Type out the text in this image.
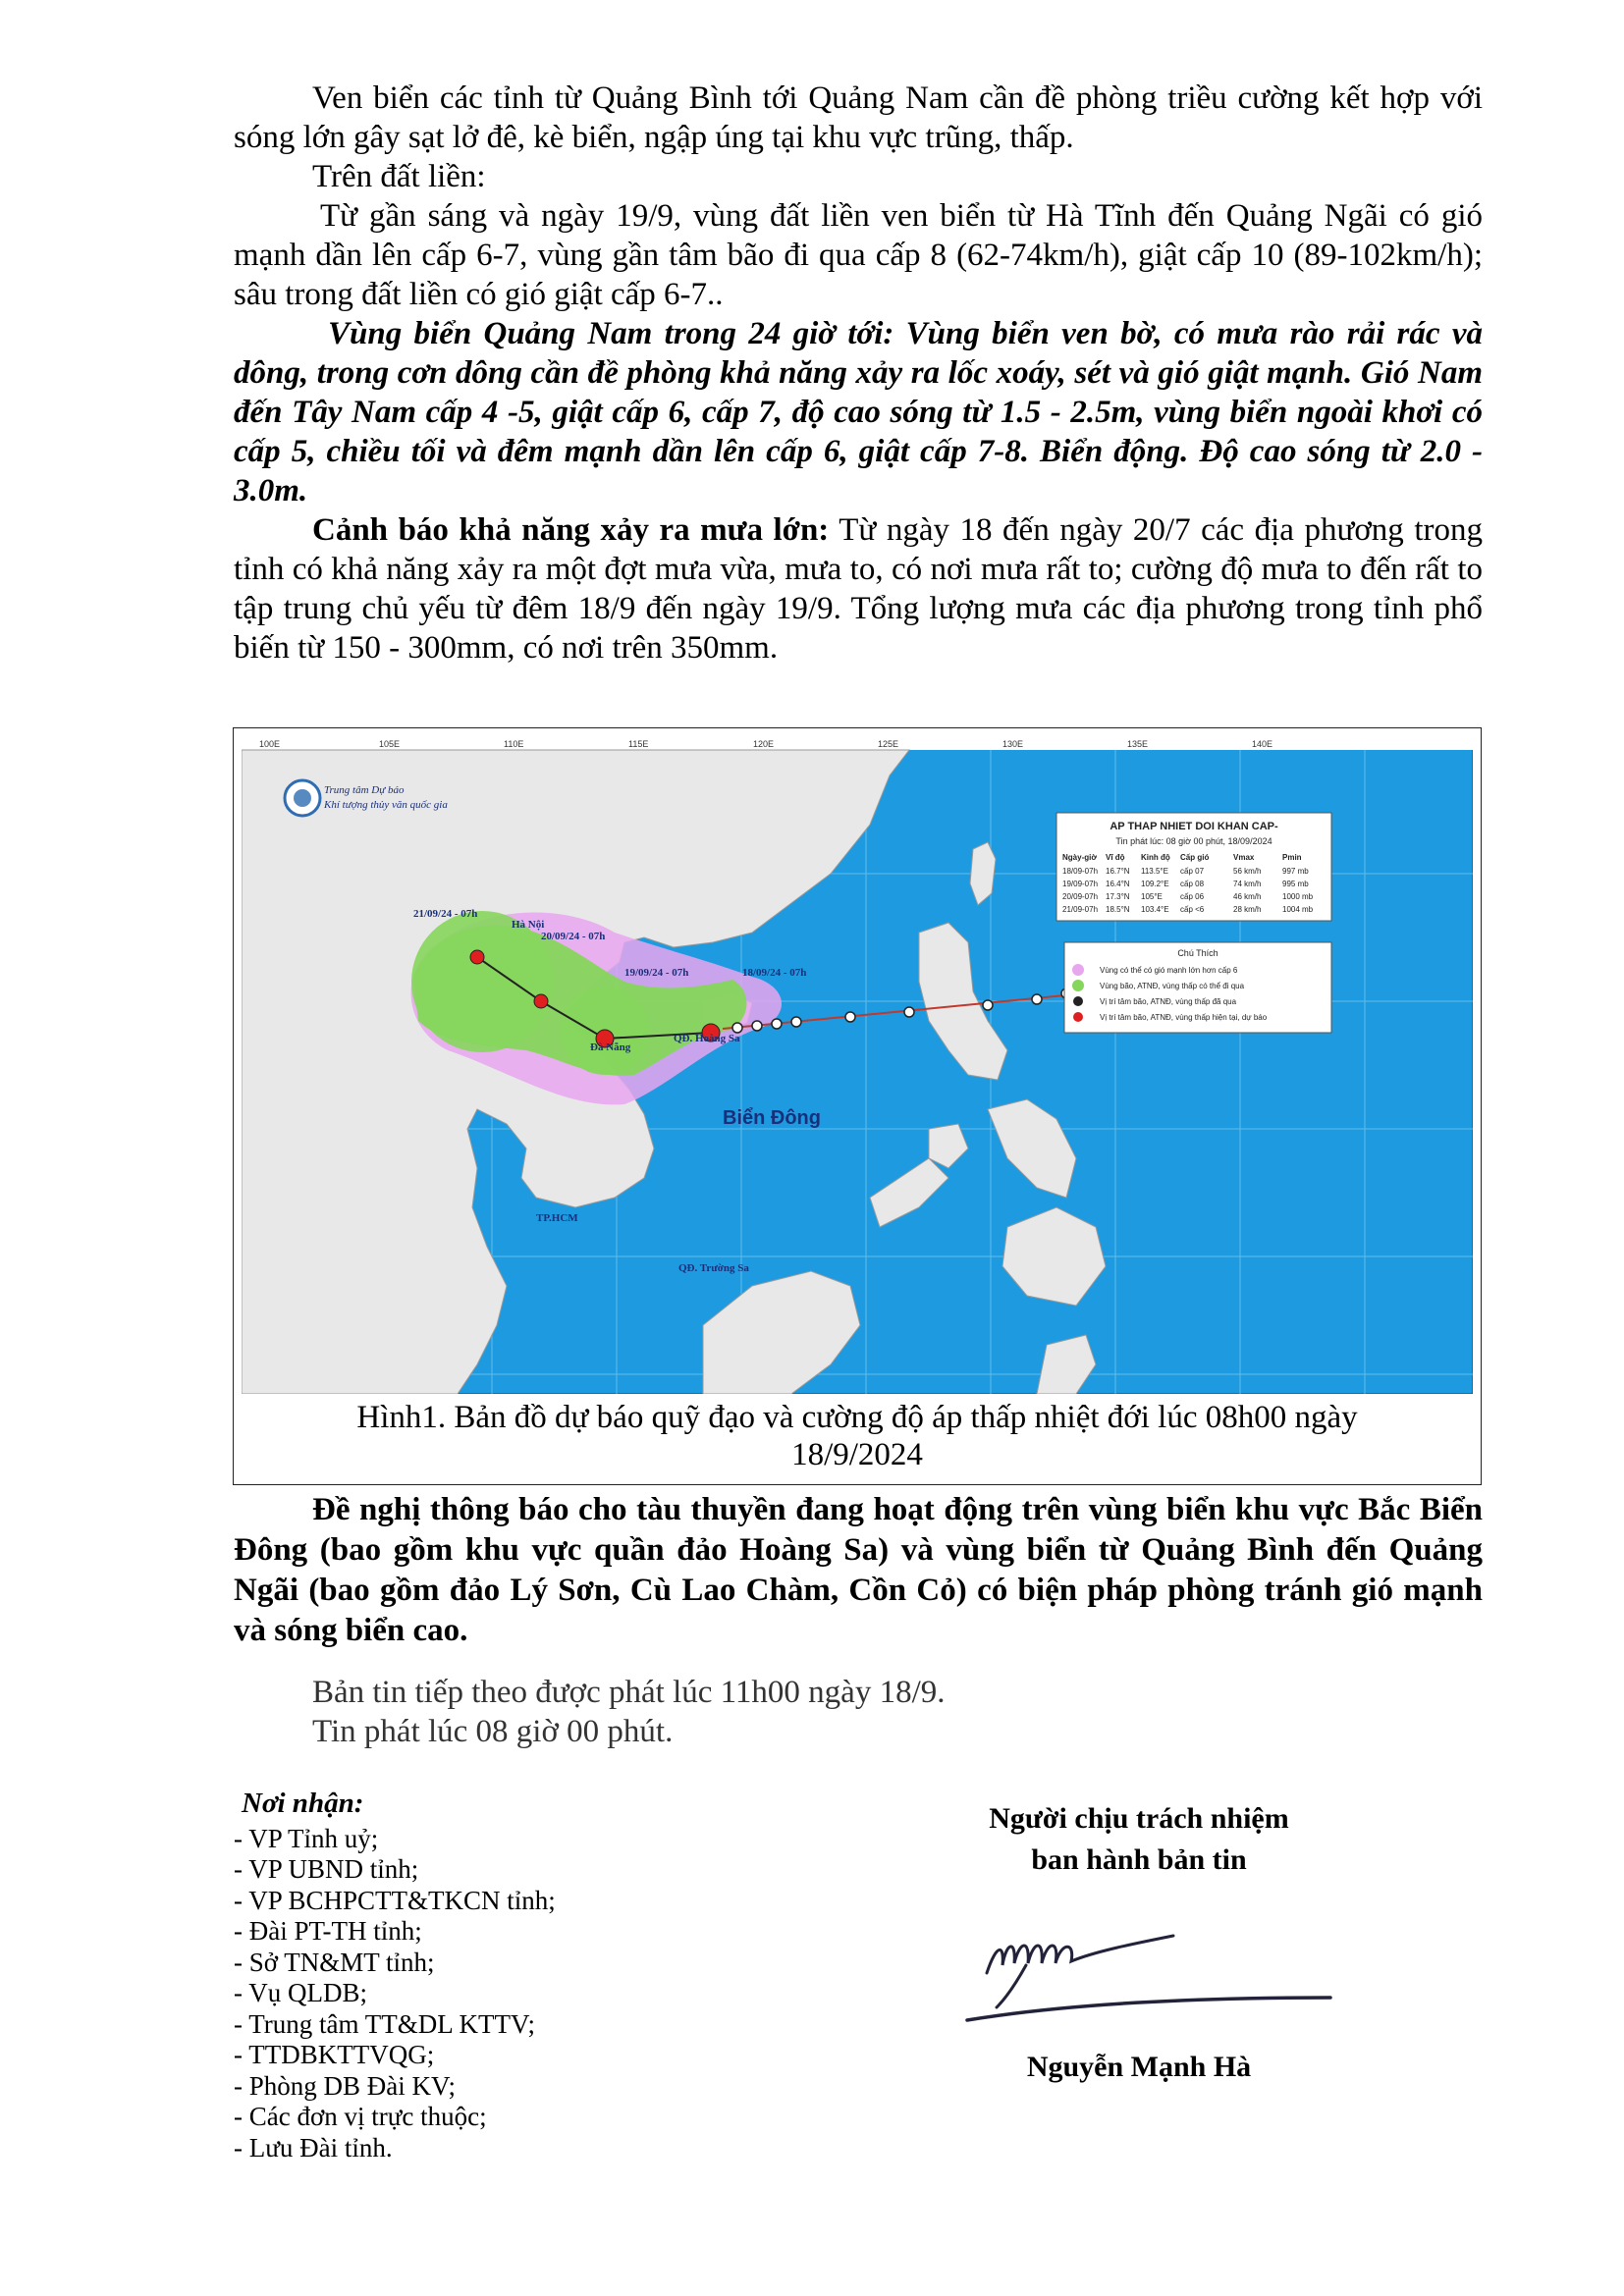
Ven biển các tỉnh từ Quảng Bình tới Quảng Nam cần đề phòng triều cường kết hợp với sóng lớn gây sạt lở đê, kè biển, ngập úng tại khu vực trũng, thấp.

Trên đất liền:

Từ gần sáng và ngày 19/9, vùng đất liền ven biển từ Hà Tĩnh đến Quảng Ngãi có gió mạnh dần lên cấp 6-7, vùng gần tâm bão đi qua cấp 8 (62-74km/h), giật cấp 10 (89-102km/h); sâu trong đất liền có gió giật cấp 6-7..

Vùng biển Quảng Nam trong 24 giờ tới: Vùng biển ven bờ, có mưa rào rải rác và dông, trong cơn dông cần đề phòng khả năng xảy ra lốc xoáy, sét và gió giật mạnh. Gió Nam đến Tây Nam cấp 4 -5, giật cấp 6, cấp 7, độ cao sóng từ 1.5 - 2.5m, vùng biển ngoài khơi có cấp 5, chiều tối và đêm mạnh dần lên cấp 6, giật cấp 7-8. Biển động. Độ cao sóng từ 2.0 - 3.0m.

Cảnh báo khả năng xảy ra mưa lớn: Từ ngày 18 đến ngày 20/7 các địa phương trong tỉnh có khả năng xảy ra một đợt mưa vừa, mưa to, có nơi mưa rất to; cường độ mưa to đến rất to tập trung chủ yếu từ đêm 18/9 đến ngày 19/9. Tổng lượng mưa các địa phương trong tỉnh phổ biến từ 150 - 300mm, có nơi trên 350mm.

100E	105E	110E	115E	120E	125E	130E	135E	140E
21/09/24 - 07h
20/09/24 - 07h
19/09/24 - 07h	18/09/24 - 07h
Hà Nội
Đà Nẵng
QĐ. Hoàng Sa
QĐ. Trường Sa
TP.HCM
Biển Đông
Trung tâm Dự báo
Khí tượng thủy văn quốc gia
AP THAP NHIET DOI KHAN CAP-
Tin phát lúc: 08 giờ 00 phút, 18/09/2024
Ngày-giờ Vĩ độ Kinh độ Cấp gió	Vmax	Pmin
18/09-07h 16.7°N 113.5°E cấp 07	56 km/h	997 mb
19/09-07h 16.4°N 109.2°E cấp 08	74 km/h	995 mb
20/09-07h 17.3°N 105°E cấp 06	46 km/h	1000 mb
21/09-07h 18.5°N 103.4°E cấp <6	28 km/h	1004 mb
Chú Thích
Vùng có thể có gió mạnh lớn hơn cấp 6
Vùng bão, ATNĐ, vùng thấp có thể đi qua
Vị trí tâm bão, ATNĐ, vùng thấp đã qua
Vị trí tâm bão, ATNĐ, vùng thấp hiện tại, dự báo
Hình1. Bản đồ dự báo quỹ đạo và cường độ áp thấp nhiệt đới lúc 08h00 ngày
18/9/2024

Đề nghị thông báo cho tàu thuyền đang hoạt động trên vùng biển khu vực Bắc Biển Đông (bao gồm khu vực quần đảo Hoàng Sa) và vùng biển từ Quảng Bình đến Quảng Ngãi (bao gồm đảo Lý Sơn, Cù Lao Chàm, Cồn Cỏ) có biện pháp phòng tránh gió mạnh và sóng biển cao.

Bản tin tiếp theo được phát lúc 11h00 ngày 18/9.

Tin phát lúc 08 giờ 00 phút.

Nơi nhận:
- VP Tỉnh uỷ;
- VP UBND tỉnh;
- VP BCHPCTT&TKCN tỉnh;
- Đài PT-TH tỉnh;
- Sở TN&MT tỉnh;
- Vụ QLDB;
- Trung tâm TT&DL KTTV;
- TTDBKTTVQG;
- Phòng DB Đài KV;
- Các đơn vị trực thuộc;
- Lưu Đài tỉnh.
Người chịu trách nhiệm
ban hành bản tin
Nguyễn Mạnh Hà
